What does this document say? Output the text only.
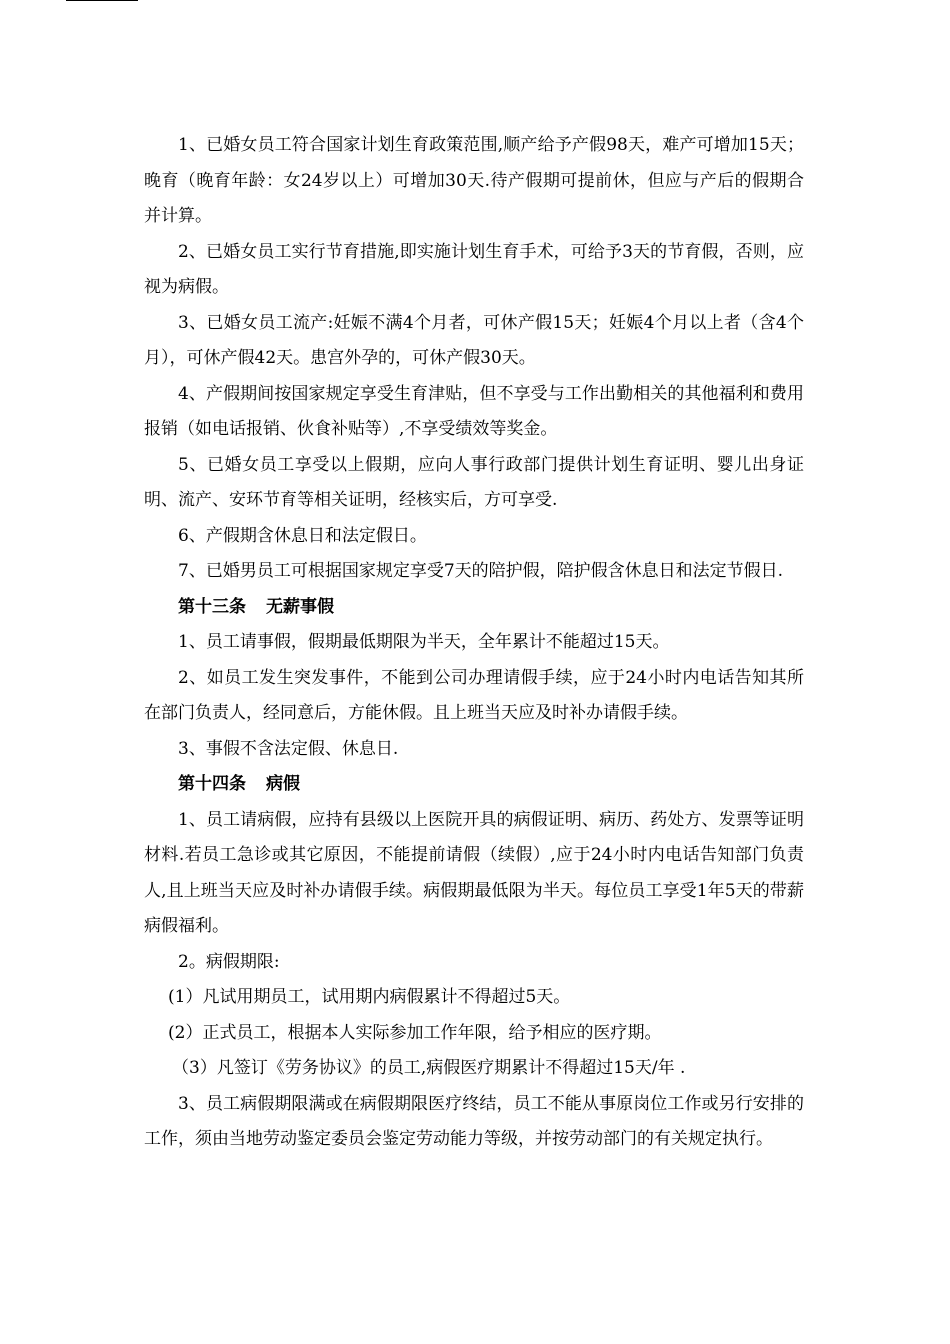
1、已婚女员工符合国家计划生育政策范围,顺产给予产假98天，难产可增加15天；晚育（晚育年龄：女24岁以上）可增加30天.待产假期可提前休，但应与产后的假期合并计算。

2、已婚女员工实行节育措施,即实施计划生育手术，可给予3天的节育假，否则，应视为病假。

3、已婚女员工流产:妊娠不满4个月者，可休产假15天；妊娠4个月以上者（含4个月），可休产假42天。患宫外孕的，可休产假30天。

4、产假期间按国家规定享受生育津贴，但不享受与工作出勤相关的其他福利和费用报销（如电话报销、伙食补贴等）,不享受绩效等奖金。

5、已婚女员工享受以上假期，应向人事行政部门提供计划生育证明、婴儿出身证明、流产、安环节育等相关证明，经核实后，方可享受.

6、产假期含休息日和法定假日。

7、已婚男员工可根据国家规定享受7天的陪护假，陪护假含休息日和法定节假日.

第十三条 无薪事假

1、员工请事假，假期最低期限为半天，全年累计不能超过15天。

2、如员工发生突发事件，不能到公司办理请假手续，应于24小时内电话告知其所在部门负责人，经同意后，方能休假。且上班当天应及时补办请假手续。

3、事假不含法定假、休息日.

第十四条 病假

1、员工请病假，应持有县级以上医院开具的病假证明、病历、药处方、发票等证明材料.若员工急诊或其它原因，不能提前请假（续假）,应于24小时内电话告知部门负责人,且上班当天应及时补办请假手续。病假期最低限为半天。每位员工享受1年5天的带薪病假福利。

2。病假期限:

(1）凡试用期员工，试用期内病假累计不得超过5天。

(2）正式员工，根据本人实际参加工作年限，给予相应的医疗期。

（3）凡签订《劳务协议》的员工,病假医疗期累计不得超过15天/年 .

3、员工病假期限满或在病假期限医疗终结，员工不能从事原岗位工作或另行安排的工作，须由当地劳动鉴定委员会鉴定劳动能力等级，并按劳动部门的有关规定执行。
